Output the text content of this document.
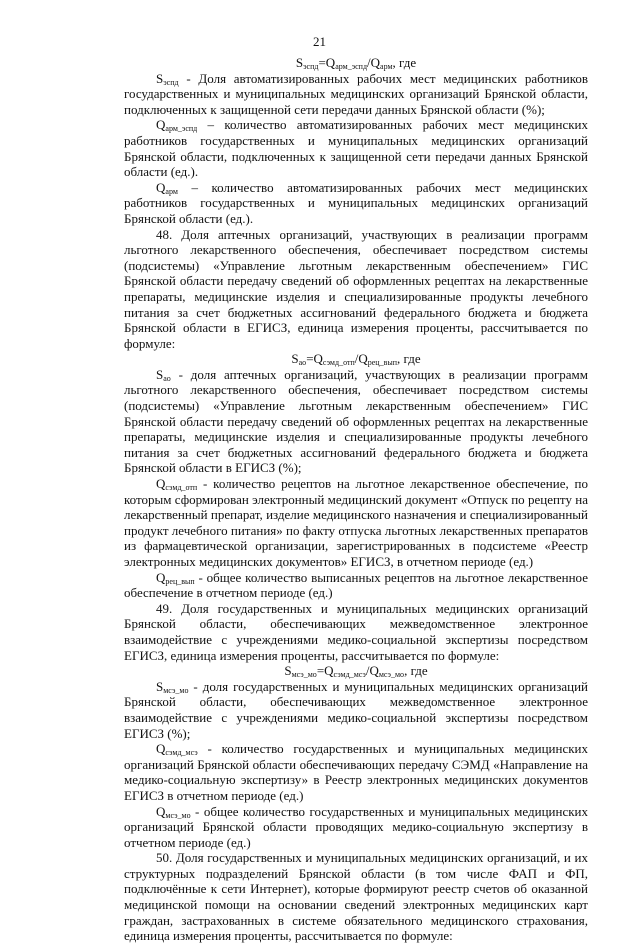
21

$S_{эспд}=Q_{арм\_эспд}/Q_{арм}$, где

$S_{эспд}$ - Доля автоматизированных рабочих мест медицинских работников государственных и муниципальных медицинских организаций Брянской области, подключенных к защищенной сети передачи данных Брянской области (%);

$Q_{арм\_эспд}$ – количество автоматизированных рабочих мест медицинских работников государственных и муниципальных медицинских организаций Брянской области, подключенных к защищенной сети передачи данных Брянской области (ед.).

$Q_{арм}$ – количество автоматизированных рабочих мест медицинских работников государственных и муниципальных медицинских организаций Брянской области (ед.).

48. Доля аптечных организаций, участвующих в реализации программ льготного лекарственного обеспечения, обеспечивает посредством системы (подсистемы) «Управление льготным лекарственным обеспечением» ГИС Брянской области передачу сведений об оформленных рецептах на лекарственные препараты, медицинские изделия и специализированные продукты лечебного питания за счет бюджетных ассигнований федерального бюджета и бюджета Брянской области в ЕГИСЗ, единица измерения проценты, рассчитывается по формуле:

$S_{ао}=Q_{сэмд\_отп}/Q_{рец\_вып}$, где

$S_{ао}$ - доля аптечных организаций, участвующих в реализации программ льготного лекарственного обеспечения, обеспечивает посредством системы (подсистемы) «Управление льготным лекарственным обеспечением» ГИС Брянской области передачу сведений об оформленных рецептах на лекарственные препараты, медицинские изделия и специализированные продукты лечебного питания за счет бюджетных ассигнований федерального бюджета и бюджета Брянской области в ЕГИСЗ (%);

$Q_{сэмд\_отп}$ - количество рецептов на льготное лекарственное обеспечение, по которым сформирован электронный медицинский документ «Отпуск по рецепту на лекарственный препарат, изделие медицинского назначения и специализированный продукт лечебного питания» по факту отпуска льготных лекарственных препаратов из фармацевтической организации, зарегистрированных в подсистеме «Реестр электронных медицинских документов» ЕГИСЗ, в отчетном периоде (ед.)

$Q_{рец\_вып}$ - общее количество выписанных рецептов на льготное лекарственное обеспечение в отчетном периоде (ед.)

49. Доля государственных и муниципальных медицинских организаций Брянской области, обеспечивающих межведомственное электронное взаимодействие с учреждениями медико-социальной экспертизы посредством ЕГИСЗ, единица измерения проценты, рассчитывается по формуле:

$S_{мсэ\_мо}=Q_{сэмд\_мсэ}/Q_{мсэ\_мо}$, где

$S_{мсэ\_мо}$ - доля государственных и муниципальных медицинских организаций Брянской области, обеспечивающих межведомственное электронное взаимодействие с учреждениями медико-социальной экспертизы посредством ЕГИСЗ (%);

$Q_{сэмд\_мсэ}$ - количество государственных и муниципальных медицинских организаций Брянской области обеспечивающих передачу СЭМД «Направление на медико-социальную экспертизу» в Реестр электронных медицинских документов ЕГИСЗ в отчетном периоде (ед.)

$Q_{мсэ\_мо}$ - общее количество государственных и муниципальных медицинских организаций Брянской области проводящих медико-социальную экспертизу в отчетном периоде (ед.)

50. Доля государственных и муниципальных медицинских организаций, и их структурных подразделений Брянской области (в том числе ФАП и ФП, подключённые к сети Интернет), которые формируют реестр счетов об оказанной медицинской помощи на основании сведений электронных медицинских карт граждан, застрахованных в системе обязательного медицинского страхования, единица измерения проценты, рассчитывается по формуле:
